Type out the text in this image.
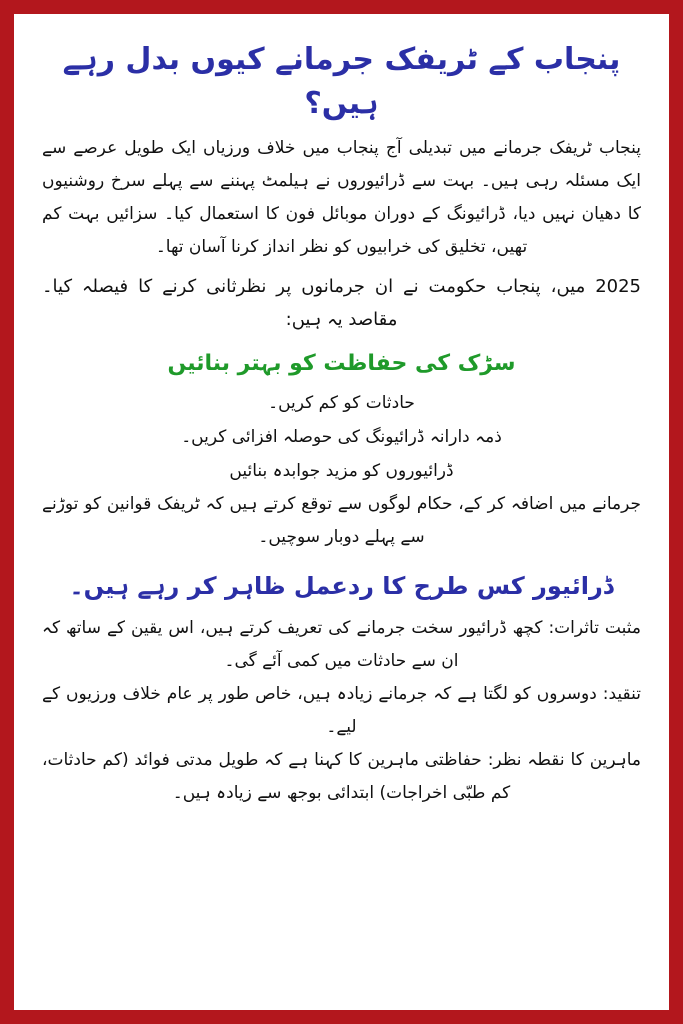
پنجاب کے ٹریفک جرمانے کیوں بدل رہے ہیں؟

پنجاب ٹریفک جرمانے میں تبدیلی آج پنجاب میں خلاف ورزیاں ایک طویل عرصے سے ایک مسئلہ رہی ہیں۔ بہت سے ڈرائیوروں نے ہیلمٹ پہننے سے پہلے سرخ روشنیوں کا دھیان نہیں دیا، ڈرائیونگ کے دوران موبائل فون کا استعمال کیا۔ سزائیں بہت کم تھیں، تخلیق کی خرابیوں کو نظر انداز کرنا آسان تھا۔

2025 میں، پنجاب حکومت نے ان جرمانوں پر نظرثانی کرنے کا فیصلہ کیا۔ مقاصد یہ ہیں:

سڑک کی حفاظت کو بہتر بنائیں
حادثات کو کم کریں۔
ذمہ دارانہ ڈرائیونگ کی حوصلہ افزائی کریں۔
ڈرائیوروں کو مزید جوابدہ بنائیں

جرمانے میں اضافہ کر کے، حکام لوگوں سے توقع کرتے ہیں کہ ٹریفک قوانین کو توڑنے سے پہلے دوبار سوچیں۔

ڈرائیور کس طرح کا ردعمل ظاہر کر رہے ہیں۔

مثبت تاثرات: کچھ ڈرائیور سخت جرمانے کی تعریف کرتے ہیں، اس یقین کے ساتھ کہ ان سے حادثات میں کمی آئے گی۔

تنقید: دوسروں کو لگتا ہے کہ جرمانے زیادہ ہیں، خاص طور پر عام خلاف ورزیوں کے لیے۔

ماہرین کا نقطہ نظر: حفاظتی ماہرین کا کہنا ہے کہ طویل مدتی فوائد (کم حادثات، کم طبّی اخراجات) ابتدائی بوجھ سے زیادہ ہیں۔
